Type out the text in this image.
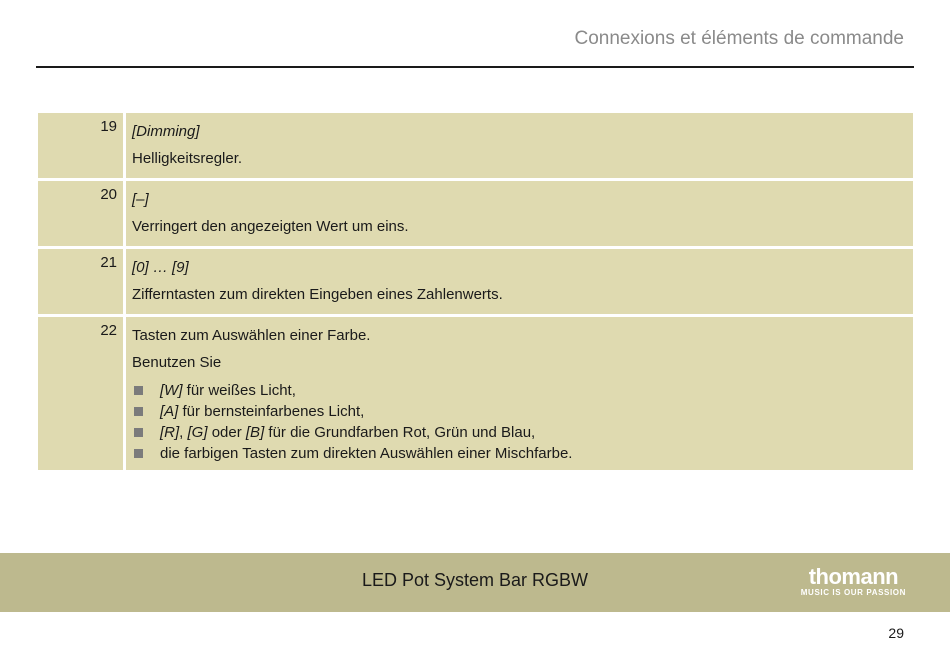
Connexions et éléments de commande
19	[Dimming]
Helligkeitsregler.
20	[–]
Verringert den angezeigten Wert um eins.
21	[0] … [9]
Zifferntasten zum direkten Eingeben eines Zahlenwerts.
22	Tasten zum Auswählen einer Farbe.
Benutzen Sie
[W] für weißes Licht,
[A] für bernsteinfarbenes Licht,
[R], [G] oder [B] für die Grundfarben Rot, Grün und Blau,
die farbigen Tasten zum direkten Auswählen einer Mischfarbe.
LED Pot System Bar RGBW	thomann
MUSIC IS OUR PASSION
29
